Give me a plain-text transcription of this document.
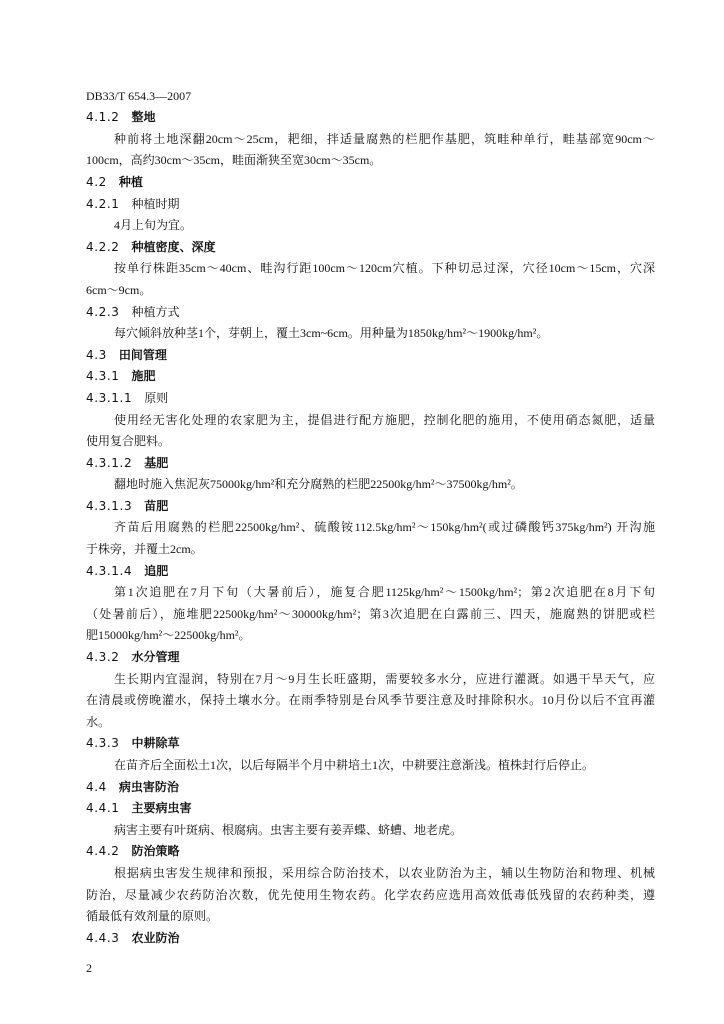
DB33/T 654.3—2007
4.1.2 整地
种前将土地深翻20cm～25cm，耙细，拌适量腐熟的栏肥作基肥，筑畦种单行，畦基部宽90cm～
100cm，高约30cm～35cm，畦面渐狭至宽30cm～35cm。
4.2 种植
4.2.1 种植时期
4月上旬为宜。
4.2.2 种植密度、深度
按单行株距35cm～40cm、畦沟行距100cm～120cm穴植。下种切忌过深，穴径10cm～15cm，穴深
6cm～9cm。
4.2.3 种植方式
每穴倾斜放种茎1个，芽朝上，覆土3cm~6cm。用种量为1850kg/hm²～1900kg/hm²。
4.3 田间管理
4.3.1 施肥
4.3.1.1 原则
使用经无害化处理的农家肥为主，提倡进行配方施肥，控制化肥的施用，不使用硝态氮肥，适量
使用复合肥料。
4.3.1.2 基肥
翻地时施入焦泥灰75000kg/hm²和充分腐熟的栏肥22500kg/hm²～37500kg/hm²。
4.3.1.3 苗肥
齐苗后用腐熟的栏肥22500kg/hm²、硫酸铵112.5kg/hm²～150kg/hm²(或过磷酸钙375kg/hm²) 开沟施
于株旁，并覆土2cm。
4.3.1.4 追肥
第1次追肥在7月下旬（大暑前后），施复合肥1125kg/hm²～1500kg/hm²；第2次追肥在8月下旬
（处暑前后），施堆肥22500kg/hm²～30000kg/hm²；第3次追肥在白露前三、四天，施腐熟的饼肥或栏
肥15000kg/hm²～22500kg/hm²。
4.3.2 水分管理
生长期内宜湿润，特别在7月～9月生长旺盛期，需要较多水分，应进行灌溉。如遇干旱天气，应
在清晨或傍晚灌水，保持土壤水分。在雨季特别是台风季节要注意及时排除积水。10月份以后不宜再灌
水。
4.3.3 中耕除草
在苗齐后全面松土1次，以后每隔半个月中耕培土1次，中耕要注意渐浅。植株封行后停止。
4.4 病虫害防治
4.4.1 主要病虫害
病害主要有叶斑病、根腐病。虫害主要有姜弄蝶、蛴螬、地老虎。
4.4.2 防治策略
根据病虫害发生规律和预报，采用综合防治技术，以农业防治为主，辅以生物防治和物理、机械
防治，尽量减少农药防治次数，优先使用生物农药。化学农药应选用高效低毒低残留的农药种类，遵
循最低有效剂量的原则。
4.4.3 农业防治
2
